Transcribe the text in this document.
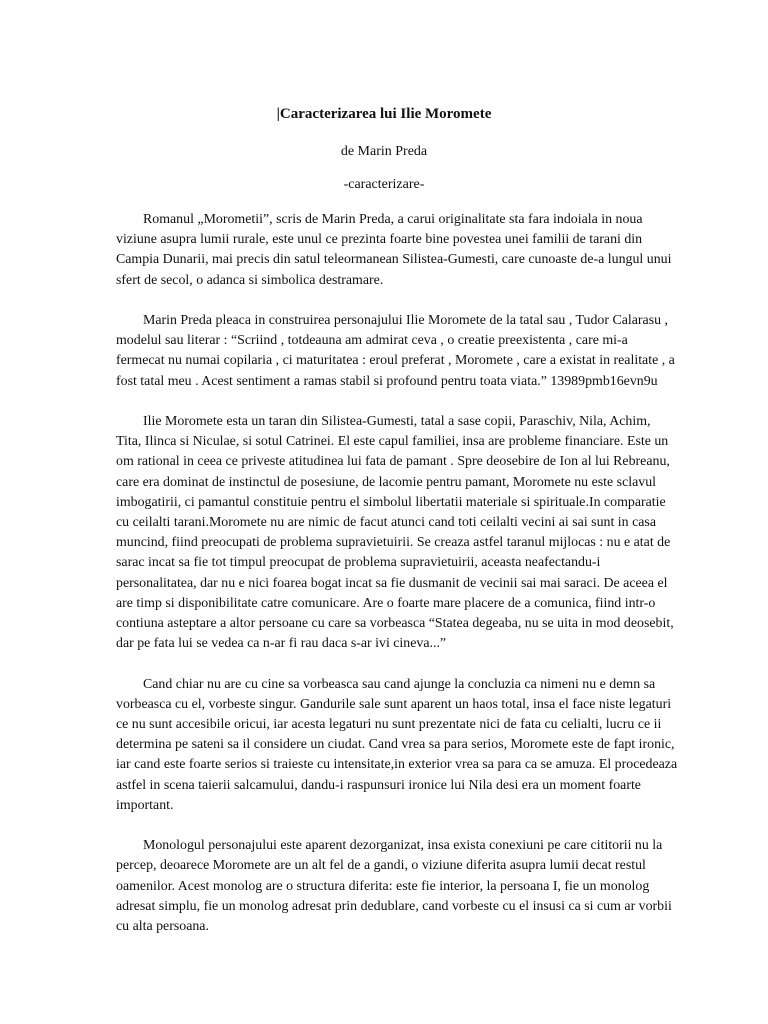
|Caracterizarea lui Ilie Moromete
de Marin Preda
-caracterizare-

Romanul „Morometii”, scris de Marin Preda, a carui originalitate sta fara indoiala in noua viziune asupra lumii rurale, este unul ce prezinta foarte bine povestea unei familii de tarani din Campia Dunarii, mai precis din satul teleormanean Silistea-Gumesti, care cunoaste de-a lungul unui sfert de secol, o adanca si simbolica destramare.

Marin Preda pleaca in construirea personajului Ilie Moromete de la tatal sau , Tudor Calarasu , modelul sau literar : “Scriind , totdeauna am admirat ceva , o creatie preexistenta , care mi-a fermecat nu numai copilaria , ci maturitatea : eroul preferat , Moromete , care a existat in realitate , a fost tatal meu . Acest sentiment a ramas stabil si profound pentru toata viata.” 13989pmb16evn9u

Ilie Moromete esta un taran din Silistea-Gumesti, tatal a sase copii, Paraschiv, Nila, Achim, Tita, Ilinca si Niculae, si sotul Catrinei. El este capul familiei, insa are probleme financiare. Este un om rational in ceea ce priveste atitudinea lui fata de pamant . Spre deosebire de Ion al lui Rebreanu, care era dominat de instinctul de posesiune, de lacomie pentru pamant, Moromete nu este sclavul imbogatirii, ci pamantul constituie pentru el simbolul libertatii materiale si spirituale.In comparatie cu ceilalti tarani.Moromete nu are nimic de facut atunci cand toti ceilalti vecini ai sai sunt in casa muncind, fiind preocupati de problema supravietuirii. Se creaza astfel taranul mijlocas : nu e atat de sarac incat sa fie tot timpul preocupat de problema supravietuirii, aceasta neafectandu-i personalitatea, dar nu e nici foarea bogat incat sa fie dusmanit de vecinii sai mai saraci. De aceea el are timp si disponibilitate catre comunicare. Are o foarte mare placere de a comunica, fiind intr-o contiuna asteptare a altor persoane cu care sa vorbeasca “Statea degeaba, nu se uita in mod deosebit, dar pe fata lui se vedea ca n-ar fi rau daca s-ar ivi cineva...”

Cand chiar nu are cu cine sa vorbeasca sau cand ajunge la concluzia ca nimeni nu e demn sa vorbeasca cu el, vorbeste singur. Gandurile sale sunt aparent un haos total, insa el face niste legaturi ce nu sunt accesibile oricui, iar acesta legaturi nu sunt prezentate nici de fata cu celialti, lucru ce ii determina pe sateni sa il considere un ciudat. Cand vrea sa para serios, Moromete este de fapt ironic, iar cand este foarte serios si traieste cu intensitate,in exterior vrea sa para ca se amuza. El procedeaza astfel in scena taierii salcamului, dandu-i raspunsuri ironice lui Nila desi era un moment foarte important.

Monologul personajului este aparent dezorganizat, insa exista conexiuni pe care cititorii nu la percep, deoarece Moromete are un alt fel de a gandi, o viziune diferita asupra lumii decat restul oamenilor. Acest monolog are o structura diferita: este fie interior, la persoana I, fie un monolog adresat simplu, fie un monolog adresat prin dedublare, cand vorbeste cu el insusi ca si cum ar vorbii cu alta persoana.
